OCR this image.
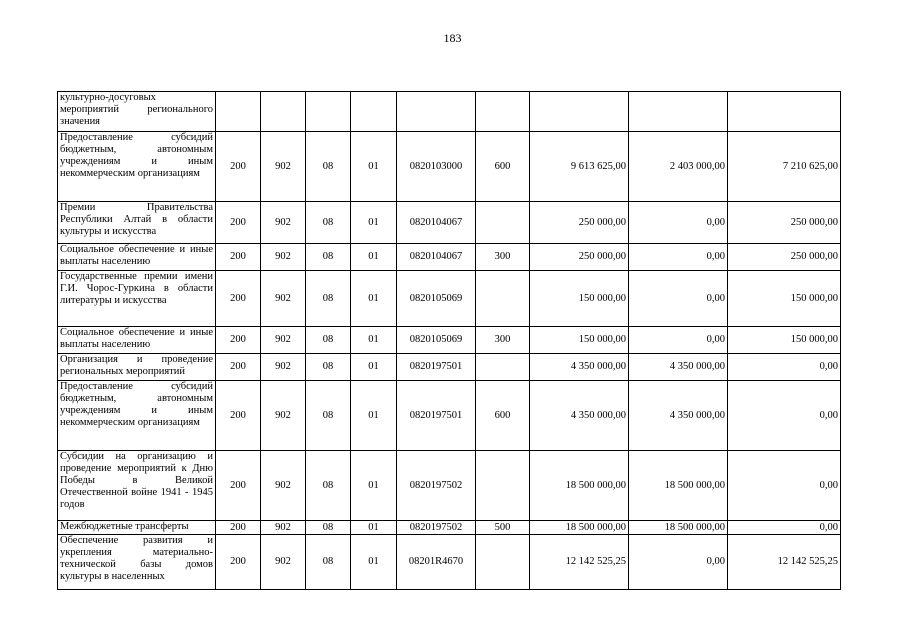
183
культурно-досуговых мероприятий регионального значения									
Предоставление субсидий бюджетным, автономным учреждениям и иным некоммерческим организациям	200	902	08	01	0820103000	600	9 613 625,00	2 403 000,00	7 210 625,00
Премии Правительства Республики Алтай в области культуры и искусства	200	902	08	01	0820104067		250 000,00	0,00	250 000,00
Социальное обеспечение и иные выплаты населению	200	902	08	01	0820104067	300	250 000,00	0,00	250 000,00
Государственные премии имени Г.И. Чорос-Гуркина в области литературы и искусства	200	902	08	01	0820105069		150 000,00	0,00	150 000,00
Социальное обеспечение и иные выплаты населению	200	902	08	01	0820105069	300	150 000,00	0,00	150 000,00
Организация и проведение региональных мероприятий	200	902	08	01	0820197501		4 350 000,00	4 350 000,00	0,00
Предоставление субсидий бюджетным, автономным учреждениям и иным некоммерческим организациям	200	902	08	01	0820197501	600	4 350 000,00	4 350 000,00	0,00
Субсидии на организацию и проведение мероприятий к Дню Победы в Великой Отечественной войне 1941 - 1945 годов	200	902	08	01	0820197502		18 500 000,00	18 500 000,00	0,00
Межбюджетные трансферты	200	902	08	01	0820197502	500	18 500 000,00	18 500 000,00	0,00
Обеспечение развития и укрепления материально-технической базы домов культуры в населенных	200	902	08	01	08201R4670		12 142 525,25	0,00	12 142 525,25
